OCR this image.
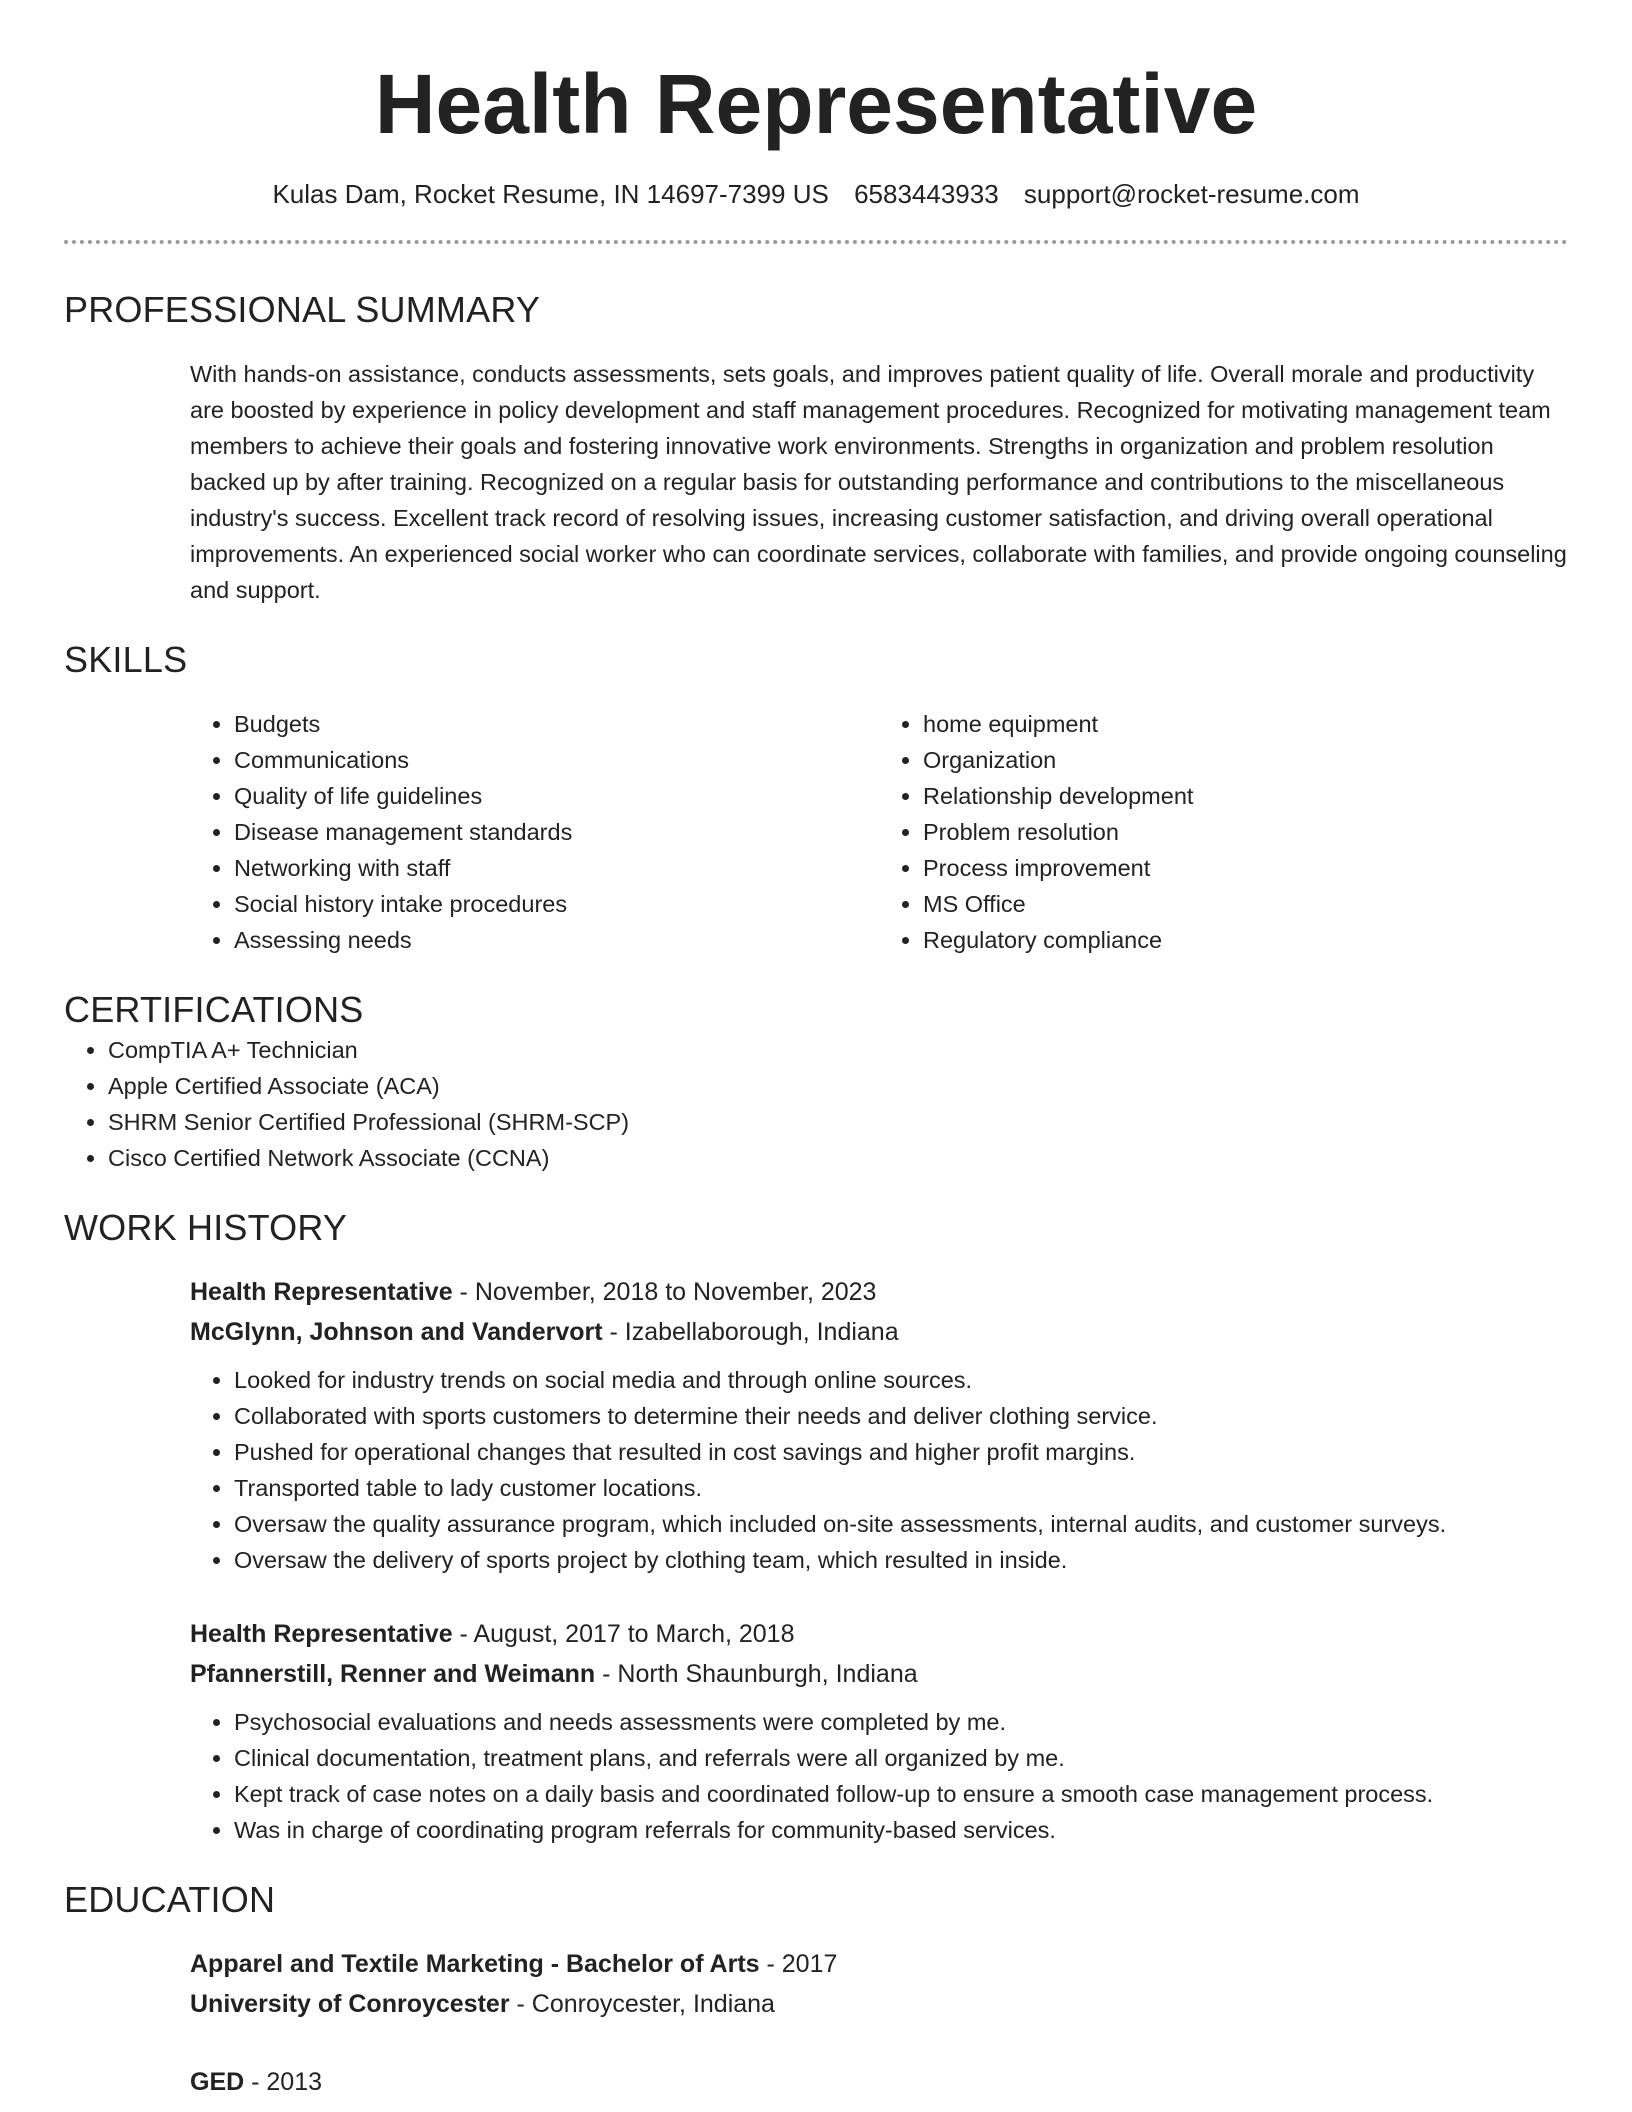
Health Representative
Kulas Dam, Rocket Resume, IN 14697-7399 US 6583443933 support@rocket-resume.com
PROFESSIONAL SUMMARY

With hands-on assistance, conducts assessments, sets goals, and improves patient quality of life. Overall morale and productivity are boosted by experience in policy development and staff management procedures. Recognized for motivating management team members to achieve their goals and fostering innovative work environments. Strengths in organization and problem resolution backed up by after training. Recognized on a regular basis for outstanding performance and contributions to the miscellaneous industry's success. Excellent track record of resolving issues, increasing customer satisfaction, and driving overall operational improvements. An experienced social worker who can coordinate services, collaborate with families, and provide ongoing counseling and support.

SKILLS
• Budgets
• Communications
• Quality of life guidelines
• Disease management standards
• Networking with staff
• Social history intake procedures
• Assessing needs
• home equipment
• Organization
• Relationship development
• Problem resolution
• Process improvement
• MS Office
• Regulatory compliance
CERTIFICATIONS
• CompTIA A+ Technician
• Apple Certified Associate (ACA)
• SHRM Senior Certified Professional (SHRM-SCP)
• Cisco Certified Network Associate (CCNA)
WORK HISTORY
Health Representative - November, 2018 to November, 2023
McGlynn, Johnson and Vandervort - Izabellaborough, Indiana
• Looked for industry trends on social media and through online sources.
• Collaborated with sports customers to determine their needs and deliver clothing service.
• Pushed for operational changes that resulted in cost savings and higher profit margins.
• Transported table to lady customer locations.
• Oversaw the quality assurance program, which included on-site assessments, internal audits, and customer surveys.
• Oversaw the delivery of sports project by clothing team, which resulted in inside.
Health Representative - August, 2017 to March, 2018
Pfannerstill, Renner and Weimann - North Shaunburgh, Indiana
• Psychosocial evaluations and needs assessments were completed by me.
• Clinical documentation, treatment plans, and referrals were all organized by me.
• Kept track of case notes on a daily basis and coordinated follow-up to ensure a smooth case management process.
• Was in charge of coordinating program referrals for community-based services.
EDUCATION
Apparel and Textile Marketing - Bachelor of Arts - 2017
University of Conroycester - Conroycester, Indiana
GED - 2013
